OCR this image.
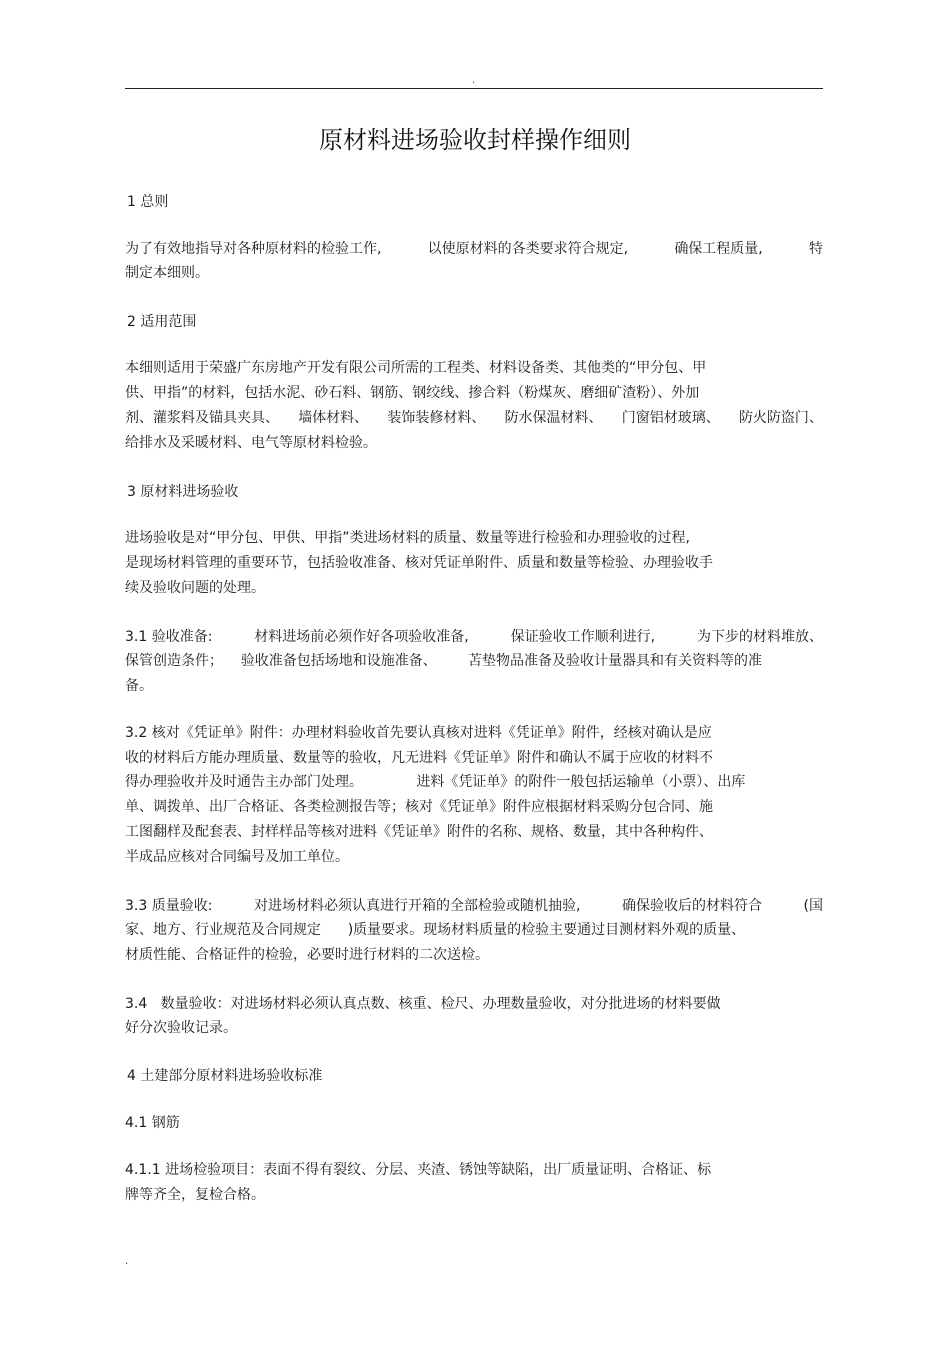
.
原材料进场验收封样操作细则
1 总则
为了有效地指导对各种原材料的检验工作,	以使原材料的各类要求符合规定,	确保工程质量,	特
制定本细则。
2 适用范围
本细则适用于荣盛广东房地产开发有限公司所需的工程类、材料设备类、其他类的“甲分包、甲
供、甲指”的材料，包括水泥、砂石料、钢筋、钢绞线、掺合料（粉煤灰、磨细矿渣粉）、外加
剂、灌浆料及锚具夹具、 墙体材料、 装饰装修材料、 防水保温材料、 门窗铝材玻璃、 防火防盗门、
给排水及采暖材料、电气等原材料检验。
3 原材料进场验收
进场验收是对“甲分包、甲供、甲指”类进场材料的质量、数量等进行检验和办理验收的过程,
是现场材料管理的重要环节，包括验收准备、核对凭证单附件、质量和数量等检验、办理验收手
续及验收问题的处理。
3.1 验收准备:	材料进场前必须作好各项验收准备,	保证验收工作顺利进行,	为下步的材料堆放、
保管创造条件；    验收准备包括场地和设施准备、       苫垫物品准备及验收计量器具和有关资料等的准
备。
3.2 核对《凭证单》附件：办理材料验收首先要认真核对进料《凭证单》附件，经核对确认是应
收的材料后方能办理质量、数量等的验收，凡无进料《凭证单》附件和确认不属于应收的材料不
得办理验收并及时通告主办部门处理。            进料《凭证单》的附件一般包括运输单（小票）、出库
单、调拨单、出厂合格证、各类检测报告等；核对《凭证单》附件应根据材料采购分包合同、施
工图翻样及配套表、封样样品等核对进料《凭证单》附件的名称、规格、数量，其中各种构件、
半成品应核对合同编号及加工单位。
3.3 质量验收:	对进场材料必须认真进行开箱的全部检验或随机抽验,	确保验收后的材料符合	(国
家、地方、行业规范及合同规定      )质量要求。现场材料质量的检验主要通过目测材料外观的质量、
材质性能、合格证件的检验，必要时进行材料的二次送检。
3.4   数量验收：对进场材料必须认真点数、核重、检尺、办理数量验收，对分批进场的材料要做
好分次验收记录。
4 土建部分原材料进场验收标准
4.1 钢筋
4.1.1 进场检验项目：表面不得有裂纹、分层、夹渣、锈蚀等缺陷，出厂质量证明、合格证、标
牌等齐全，复检合格。
.
